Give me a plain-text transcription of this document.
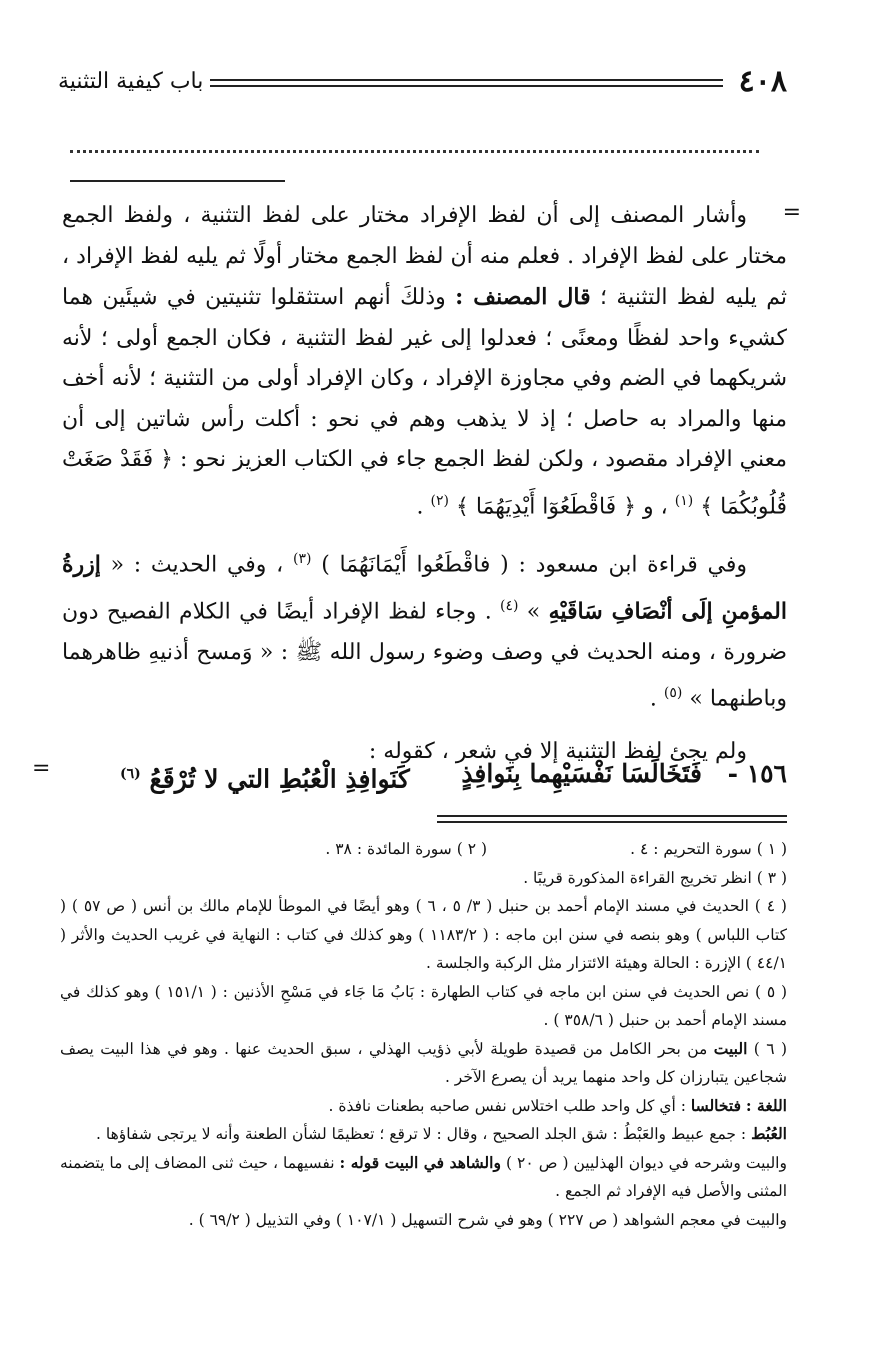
٤٠٨
باب كيفية التثنية
=

وأشار المصنف إلى أن لفظ الإفراد مختار على لفظ التثنية ، ولفظ الجمع مختار على لفظ الإفراد . فعلم منه أن لفظ الجمع مختار أولًا ثم يليه لفظ الإفراد ، ثم يليه لفظ التثنية ؛ قال المصنف : وذلكَ أنهم استثقلوا تثنيتين في شيئَين هما كشيء واحد لفظًا ومعنًى ؛ فعدلوا إلى غير لفظ التثنية ، فكان الجمع أولى ؛ لأنه شريكهما في الضم وفي مجاوزة الإفراد ، وكان الإفراد أولى من التثنية ؛ لأنه أخف منها والمراد به حاصل ؛ إذ لا يذهب وهم في نحو : أكلت رأس شاتين إلى أن معني الإفراد مقصود ، ولكن لفظ الجمع جاء في الكتاب العزيز نحو : ﴿ فَقَدْ صَغَتْ قُلُوبُكُمَا ﴾ $^{(١)}$ ، و ﴿ فَاقْطَعُوٓا أَيْدِيَهُمَا ﴾ $^{(٢)}$ .

وفي قراءة ابن مسعود : ( فاقْطَعُوا أَيْمَانَهُمَا ) $^{(٣)}$ ، وفي الحديث : « إزرةُ المؤمنِ إلَى أنْصَافِ سَاقَيْهِ » $^{(٤)}$ . وجاء لفظ الإفراد أيضًا في الكلام الفصيح دون ضرورة ، ومنه الحديث في وصف وضوء رسول الله ﷺ : « وَمسح أذنيهِ ظاهرهما وباطنهما » $^{(٥)}$ .

ولم يجئ لفظ التثنية إلا في شعر ، كقوله :

١٥٦ -
فَتَخَالَسَا نَفْسَيْهِما بِنَوافِذٍ
كَنَوافِذِ الْعُبُطِ التي لا تُرْقَعُ $^{(٦)}$
=
( ١ ) سورة التحريم : ٤ .
( ٢ ) سورة المائدة : ٣٨ .

( ٣ ) انظر تخريج القراءة المذكورة قريبًا .

( ٤ ) الحديث في مسند الإمام أحمد بن حنبل ( ٣/ ٥ ، ٦ ) وهو أيضًا في الموطأ للإمام مالك بن أنس ( ص ٥٧ ) ( كتاب اللباس ) وهو بنصه في سنن ابن ماجه : ( ١١٨٣/٢ ) وهو كذلك في كتاب : النهاية في غريب الحديث والأثر ( ٤٤/١ ) الإزرة : الحالة وهيئة الائتزار مثل الركبة والجلسة .

( ٥ ) نص الحديث في سنن ابن ماجه في كتاب الطهارة : بَابُ مَا جَاء في مَسْحِ الأذنين : ( ١٥١/١ ) وهو كذلك في مسند الإمام أحمد بن حنبل ( ٣٥٨/٦ ) .

( ٦ ) البيت من بحر الكامل من قصيدة طويلة لأبي ذؤيب الهذلي ، سبق الحديث عنها . وهو في هذا البيت يصف شجاعين يتبارزان كل واحد منهما يريد أن يصرع الآخر .

اللغة : فتخالسا : أي كل واحد طلب اختلاس نفس صاحبه بطعنات نافذة .

العُبُط : جمع عبيط والعَبْطُ : شق الجلد الصحيح ، وقال : لا ترقع ؛ تعظيمًا لشأن الطعنة وأنه لا يرتجى شفاؤها .

والبيت وشرحه في ديوان الهذليين ( ص ٢٠ ) والشاهد في البيت قوله : نفسيهما ، حيث ثنى المضاف إلى ما يتضمنه المثنى والأصل فيه الإفراد ثم الجمع .

والبيت في معجم الشواهد ( ص ٢٢٧ ) وهو في شرح التسهيل ( ١٠٧/١ ) وفي التذييل ( ٦٩/٢ ) .
